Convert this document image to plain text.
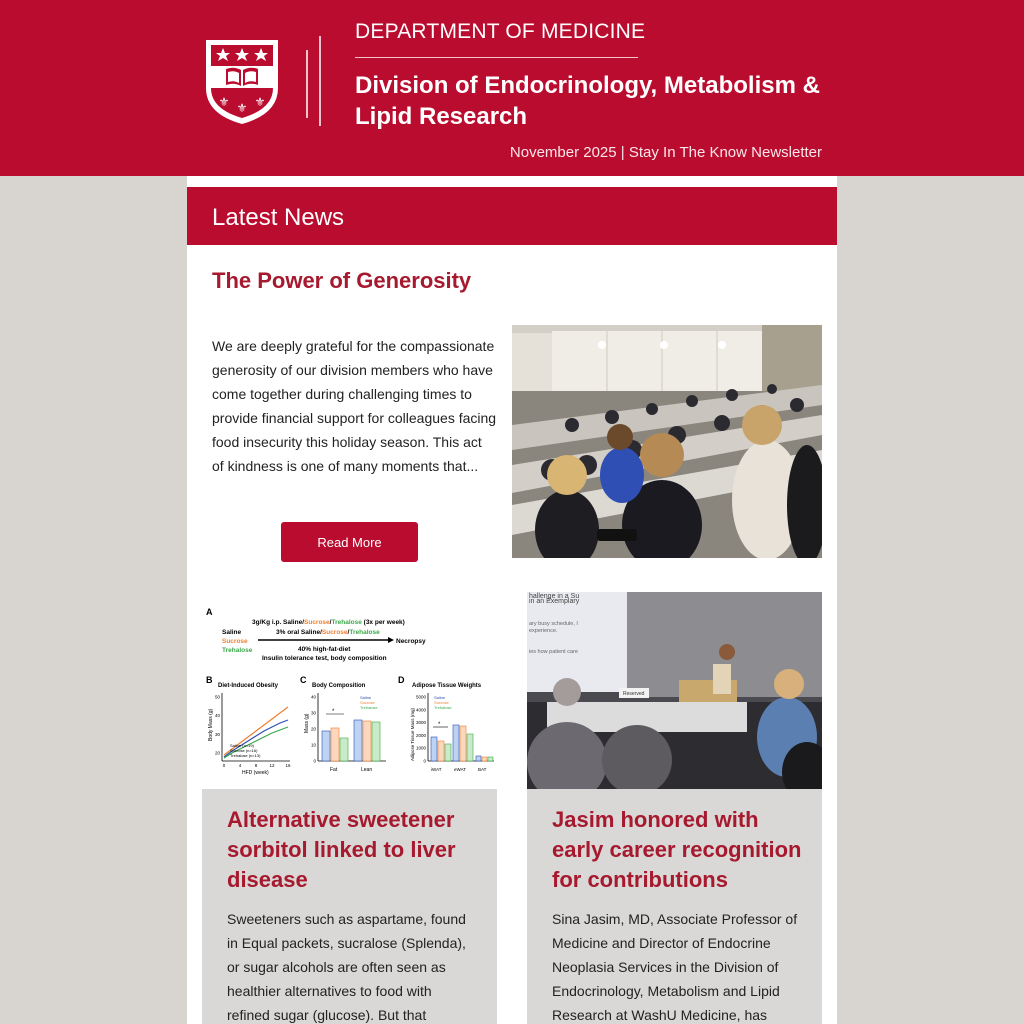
⚜ ⚜ ⚜
DEPARTMENT OF MEDICINE
Division of Endocrinology, Metabolism & Lipid Research
November 2025 | Stay In The Know Newsletter
Latest News
The Power of Generosity
We are deeply grateful for the compassionate generosity of our division members who have come together during challenging times to provide financial support for colleagues facing food insecurity this holiday season. This act of kindness is one of many moments that...
Read More
A
3g/Kg i.p. Saline/Sucrose/Trehalose (3x per week)
3% oral Saline/Sucrose/Trehalose
Saline
Sucrose
Trehalose
Necropsy
40% high-fat-diet
Insulin tolerance test, body composition
B
Diet-Induced Obesity
20
30
40
50
0	4	8	12 16
Saline (n=19)
Sucrose (n=16)
Trehalose (n=13)
HFD (week)
Body Mass (g)
C
Body Composition
*
Fat	Lean
Mass (g)
Saline
Sucrose
Trehalose
D
Adipose Tissue Weights
*
iWAT	eWAT	BAT
Adipose Tissue Mass (mg)
Saline
Sucrose
Trehalose
0
10
20
30
40
0
1000
2000
3000
4000
5000
hallenge in a Su
in an Exemplary
ary busy schedule, I
experience.
ies how patient care
Reserved
Alternative sweetener sorbitol linked to liver disease
Sweeteners such as aspartame, found in Equal packets, sucralose (Splenda), or sugar alcohols are often seen as healthier alternatives to food with refined sugar (glucose). But that
Jasim honored with early career recognition for contributions
Sina Jasim, MD, Associate Professor of Medicine and Director of Endocrine Neoplasia Services in the Division of Endocrinology, Metabolism and Lipid Research at WashU Medicine, has
